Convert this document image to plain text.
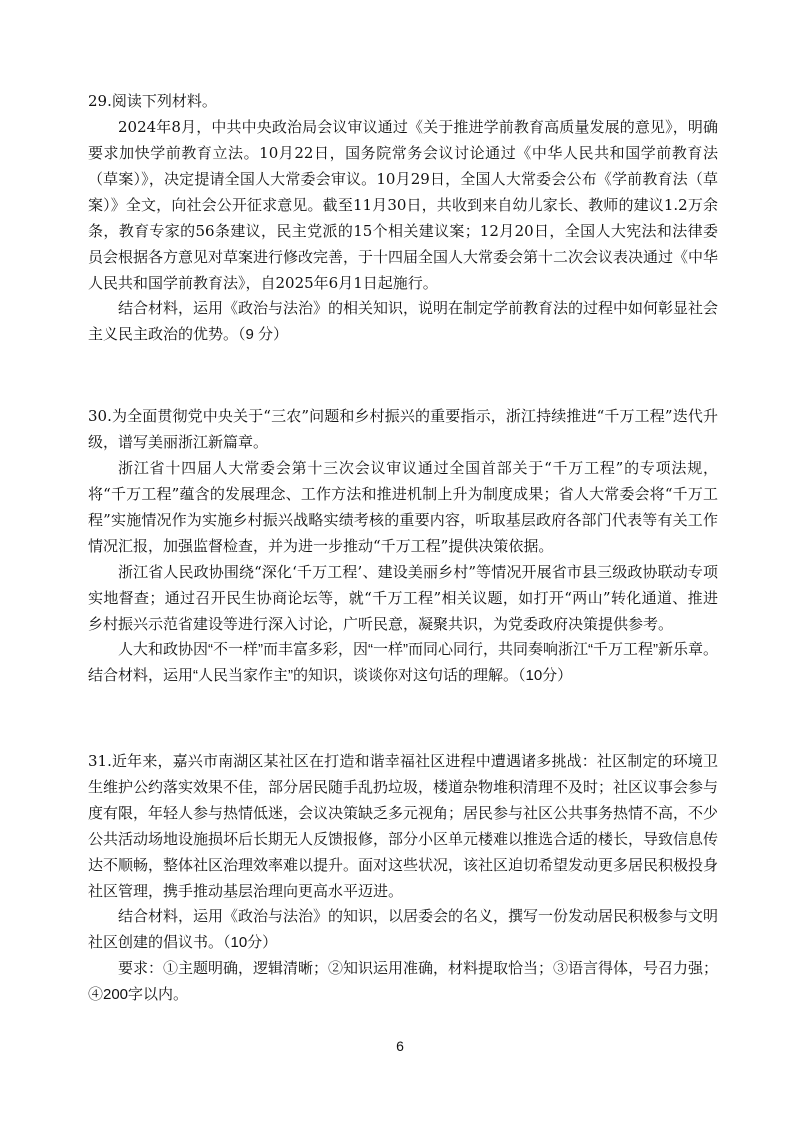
29.阅读下列材料。

2024年8月，中共中央政治局会议审议通过《关于推进学前教育高质量发展的意见》，明确要求加快学前教育立法。10月22日，国务院常务会议讨论通过《中华人民共和国学前教育法（草案）》，决定提请全国人大常委会审议。10月29日，全国人大常委会公布《学前教育法（草案）》全文，向社会公开征求意见。截至11月30日，共收到来自幼儿家长、教师的建议1.2万余条，教育专家的56条建议，民主党派的15个相关建议案；12月20日，全国人大宪法和法律委员会根据各方意见对草案进行修改完善，于十四届全国人大常委会第十二次会议表决通过《中华人民共和国学前教育法》，自2025年6月1日起施行。

结合材料，运用《政治与法治》的相关知识，说明在制定学前教育法的过程中如何彰显社会主义民主政治的优势。（9 分）

30.为全面贯彻党中央关于“三农”问题和乡村振兴的重要指示，浙江持续推进“千万工程”迭代升级，谱写美丽浙江新篇章。

浙江省十四届人大常委会第十三次会议审议通过全国首部关于“千万工程”的专项法规，将“千万工程”蕴含的发展理念、工作方法和推进机制上升为制度成果；省人大常委会将“千万工程”实施情况作为实施乡村振兴战略实绩考核的重要内容，听取基层政府各部门代表等有关工作情况汇报，加强监督检查，并为进一步推动“千万工程”提供决策依据。

浙江省人民政协围绕“深化‘千万工程’、建设美丽乡村”等情况开展省市县三级政协联动专项实地督查；通过召开民生协商论坛等，就“千万工程”相关议题，如打开“两山”转化通道、推进乡村振兴示范省建设等进行深入讨论，广听民意，凝聚共识，为党委政府决策提供参考。

人大和政协因“不一样”而丰富多彩，因“一样”而同心同行，共同奏响浙江“千万工程”新乐章。结合材料，运用“人民当家作主”的知识，谈谈你对这句话的理解。（10分）

31.近年来，嘉兴市南湖区某社区在打造和谐幸福社区进程中遭遇诸多挑战：社区制定的环境卫生维护公约落实效果不佳，部分居民随手乱扔垃圾，楼道杂物堆积清理不及时；社区议事会参与度有限，年轻人参与热情低迷，会议决策缺乏多元视角；居民参与社区公共事务热情不高，不少公共活动场地设施损坏后长期无人反馈报修，部分小区单元楼难以推选合适的楼长，导致信息传达不顺畅，整体社区治理效率难以提升。面对这些状况，该社区迫切希望发动更多居民积极投身社区管理，携手推动基层治理向更高水平迈进。

结合材料，运用《政治与法治》的知识，以居委会的名义，撰写一份发动居民积极参与文明社区创建的倡议书。（10分）

要求：①主题明确，逻辑清晰；②知识运用准确，材料提取恰当；③语言得体，号召力强；④200字以内。

6
